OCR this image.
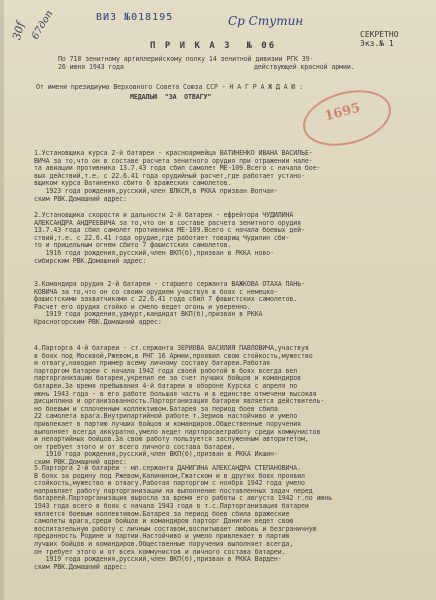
30f 67доп	ВИЗ №018195	Ср Стутин
СЕКРЕТНО
Экз.№ 1
1695
П Р И К А З  № 06
По 718 зенитному артиллерийскому полку 14 зенитной дивизии РГК 39-
26 июня 1943 года	действующей красной армии.
От имени президиума Верховного Совета Союза ССР - Н А Г Р А Ж Д А Ю :
МЕДАЛЬЮ  "ЗА  ОТВАГУ"
1.Установщика курса 2-й батареи - красноармейца ВАТИНЕНКО ИВАНА ВАСИЛЬЕ-
ВИЧА за то,что он в составе расчета зенитного орудия при отражении нале-
та авиации противника 13.7.43 года сбил самолет МЕ-109.Всего с начала бое-
вых действий,т.е. с 22.6.41 года орудийный расчет,где работает устано-
вщиком курса Ватиненко сбито 6 вражеских самолетов.
1923 года рождения,русский,член ВЛКСМ,в РККА призван Волчан-
ским РВК.Домашний адрес:
2.Установщика скорости и дальности 2-й батареи - ефрейтора ЧУДИЛИНА
АЛЕКСАНДРА АНДРЕЕВИЧА за то,что он в составе расчета зенитного орудия
13.7.43 года сбил самолет противника МЕ-109.Всего с начала боевых дей-
ствий,т.е. с 22.6.41 года орудие,где работает товарищ Чудилин сби-
то и прицельным огнем сбито 7 фашистских самолетов.
1916 года рождения,русский,член ВКП(б),призван в РККА ново-
сибирским РВК.Домашний адрес:
3.Командира орудия 2-й батареи - старшего сержанта ВАЖКОВА ОТАХА ПАНЬ-
КОВИЧА за то,что он со своим орудием участвуя в боях с немецко-
фашистскими захватчиками с 22.6.41 года сбил 7 фашистских самолетов.
Расчет его орудия стойко и смело ведет огонь и уверенно.
1919 года рождения,удмурт,кандидат ВКП(б),призван в РККА
Красногорским РВК.Домашний адрес:
4.Парторга 4-й батареи - ст.сержанта ЗЕРИОВА ВАСИЛИЯ ПАВЛОВИЧА,участвуя
в боях под Москвой,Ржевом,в РНГ 16 Армии,проявил свою стойкость,мужество
и отвагу,наводил пример всему личному составу батареи.Работая
парторгом батареи с начала 1942 года своей работой в боях всегда вел
парторганизацию батареи,укрепил ее за счет лучших бойцов и командиров
батареи.За время пребывания 4-й батареи в обороне Курска с апреля по
июнь 1943 года - в его работе большая часть и в единстве отмечени высокая
дисциплина и организованность.Парторганизация батареи является действитель-
но боевым и сплоченным коллективом.Батарея за период боев сбила
22 самолета врага.Внутрипартийной работе т.Зериов настойчиво и умело
привлекает в партию лучших бойцов и командиров.Общественные поручения
выполняет всегда аккуратно,умело ведет партпросветработу среди коммунистов
и непартийных бойцов.За свою работу пользуется заслуженным авторитетом,
он требует этого и от всего личного состава батареи.
1910 года рождения,русский,член ВКП(б),призван в РККА Икшин-
ским РВК.Домашний адрес:
5.Парторга 2-й батареи - мл.сержанта ДАНИГИНА АЛЕКСАНДРА СТЕПАНОВИЧА.
В боях за родину под Ржевом,Калинином,Гжатском и в других боях проявил
стойкость,мужество и отвагу.Работая парторгом с ноября 1942 года умело
направляет работу парторганизации на выполнение поставленных задач перед
батареей.Парторганизация выросла за время его работы с августа 1942 г.по июнь
1943 года всего в боях с начала 1943 года в т.с.Парторганизация батареи
является боевым коллективом.Батарея за период боев сбила вражеские
самолеты врага,среди бойцов и командиров парторг Данигин ведет свою
воспитательную работу с личным составом,воспитывает любовь и безграничную
преданность Родине и партии.Настойчиво и умело привлекает в партию
лучших бойцов и командиров.Общественные поручения выполняет всегда,
он требует этого и от всех коммунистов и личного состава батареи.
1919 года рождения,русский,член ВКП(б),призван в РККА Варден-
ским РВК.Домашний адрес:
